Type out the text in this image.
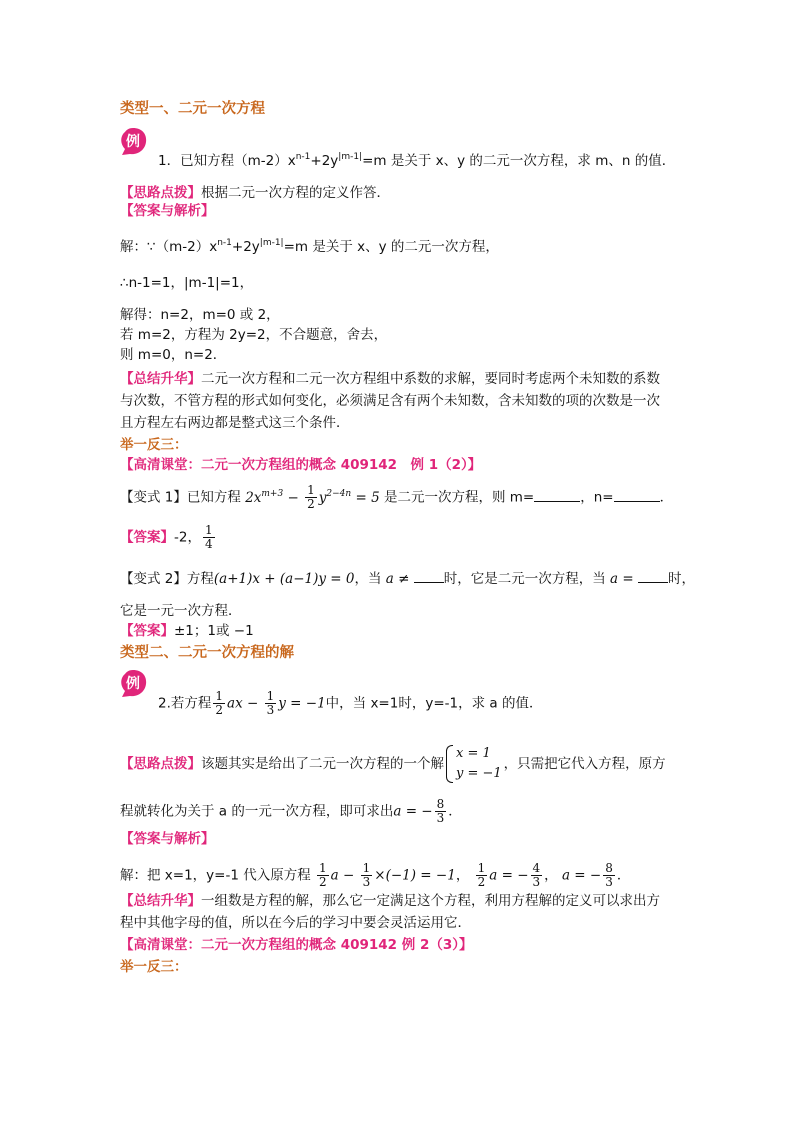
类型一、二元一次方程
例
1．已知方程$(m-2)x^{n-1}+2y^{|m-1|}=m$ 是关于 x、y 的二元一次方程，求 m、n 的值．
【思路点拨】根据二元一次方程的定义作答．
【答案与解析】
解：$\because(m-2)x^{n-1}+2y^{|m-1|}=m$ 是关于 x、y 的二元一次方程，
∴n-1=1，|m-1|=1，
解得：n=2，m=0 或 2，
若 m=2，方程为 2y=2，不合题意，舍去，
则 m=0，n=2．
【总结升华】二元一次方程和二元一次方程组中系数的求解，要同时考虑两个未知数的系数
与次数，不管方程的形式如何变化，必须满足含有两个未知数，含未知数的项的次数是一次
且方程左右两边都是整式这三个条件．
举一反三：
【高清课堂：二元一次方程组的概念 409142　例 1（2）】
【变式 1】已知方程 $2x^{m+3} - \frac{1}{2} y^{2-4n} = 5$ 是二元一次方程，则 m=	，n=	．
【答案】-2， $\frac{1}{4}$
【变式 2】方程(a+1)x + (a−1)y = 0，当 a ≠ 时，它是二元一次方程，当 a = 时，
它是一元一次方程．
【答案】±1；1或 −1
类型二、二元一次方程的解
例
2.若方程 $\frac{1}{2}$ ax − $\frac{1}{3}$ y = −1中，当 x=1时，y=-1，求 a 的值．
【思路点拨】该题其实是给出了二元一次方程的一个解
x = 1
y = −1
，只需把它代入方程，原方
程就转化为关于 a 的一元一次方程，即可求出a = − $\frac{8}{3}$ ．
【答案与解析】
解：把 x=1，y=-1 代入原方程 $\frac{1}{2}$ $a - \frac{1}{3} \times(-1) = -1$， $\frac{1}{2}$ a = − $\frac{4}{3}$ ， a = − $\frac{8}{3}$ ．
【总结升华】一组数是方程的解，那么它一定满足这个方程，利用方程解的定义可以求出方
程中其他字母的值，所以在今后的学习中要会灵活运用它．
【高清课堂：二元一次方程组的概念 409142 例 2（3）】
举一反三：
